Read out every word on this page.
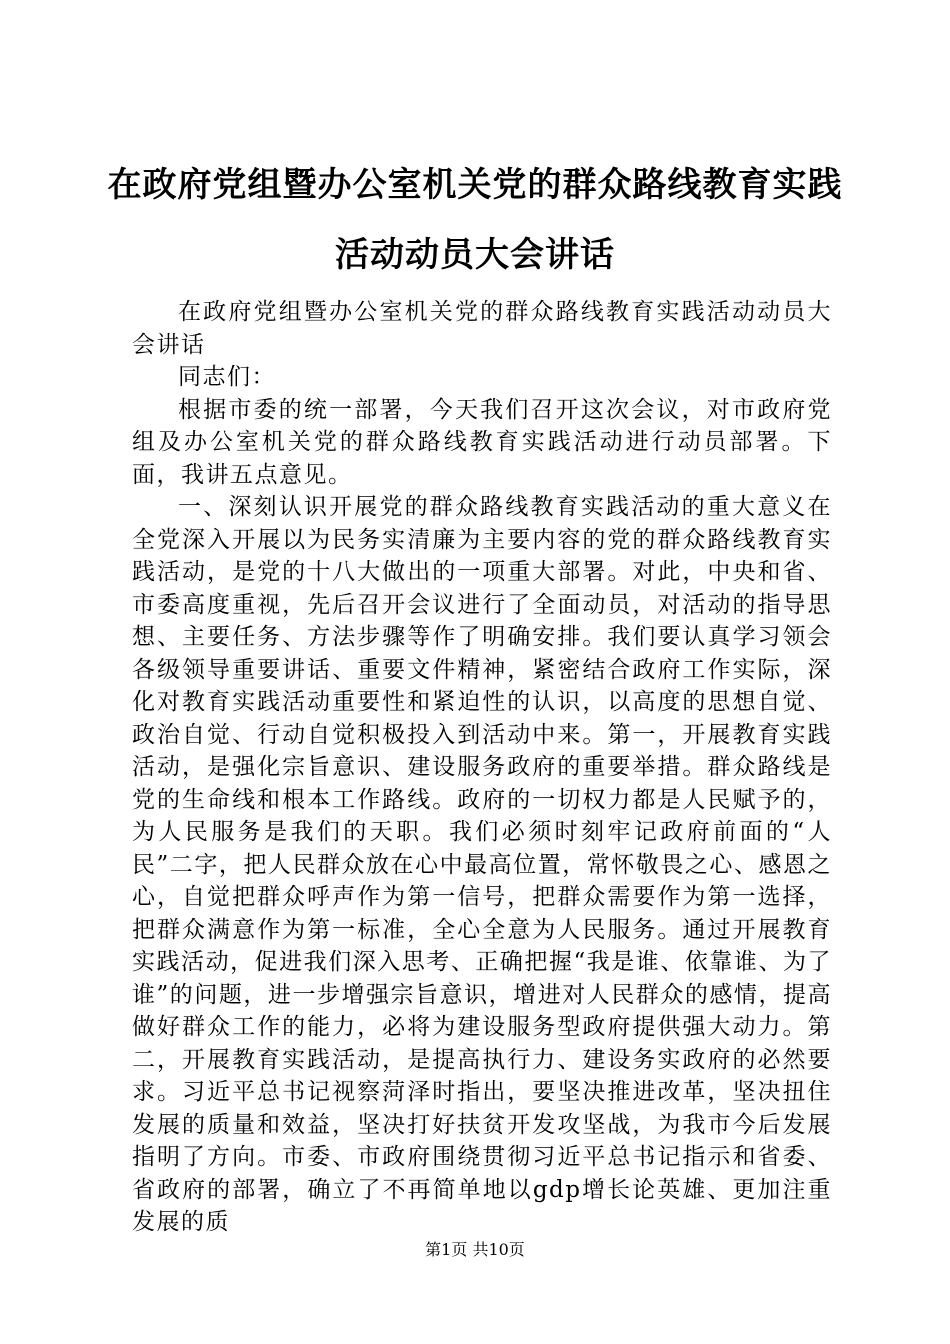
在政府党组暨办公室机关党的群众路线教育实践活动动员大会讲话

在政府党组暨办公室机关党的群众路线教育实践活动动员大会讲话

同志们：

根据市委的统一部署，今天我们召开这次会议，对市政府党组及办公室机关党的群众路线教育实践活动进行动员部署。下面，我讲五点意见。

一、深刻认识开展党的群众路线教育实践活动的重大意义在全党深入开展以为民务实清廉为主要内容的党的群众路线教育实践活动，是党的十八大做出的一项重大部署。对此，中央和省、市委高度重视，先后召开会议进行了全面动员，对活动的指导思想、主要任务、方法步骤等作了明确安排。我们要认真学习领会各级领导重要讲话、重要文件精神，紧密结合政府工作实际，深化对教育实践活动重要性和紧迫性的认识，以高度的思想自觉、政治自觉、行动自觉积极投入到活动中来。第一，开展教育实践活动，是强化宗旨意识、建设服务政府的重要举措。群众路线是党的生命线和根本工作路线。政府的一切权力都是人民赋予的，为人民服务是我们的天职。我们必须时刻牢记政府前面的“人民”二字，把人民群众放在心中最高位置，常怀敬畏之心、感恩之心，自觉把群众呼声作为第一信号，把群众需要作为第一选择，把群众满意作为第一标准，全心全意为人民服务。通过开展教育实践活动，促进我们深入思考、正确把握“我是谁、依靠谁、为了谁”的问题，进一步增强宗旨意识，增进对人民群众的感情，提高做好群众工作的能力，必将为建设服务型政府提供强大动力。第二，开展教育实践活动，是提高执行力、建设务实政府的必然要求。习近平总书记视察菏泽时指出，要坚决推进改革，坚决扭住发展的质量和效益，坚决打好扶贫开发攻坚战，为我市今后发展指明了方向。市委、市政府围绕贯彻习近平总书记指示和省委、省政府的部署，确立了不再简单地以gdp增长论英雄、更加注重发展的质

第1页 共10页
